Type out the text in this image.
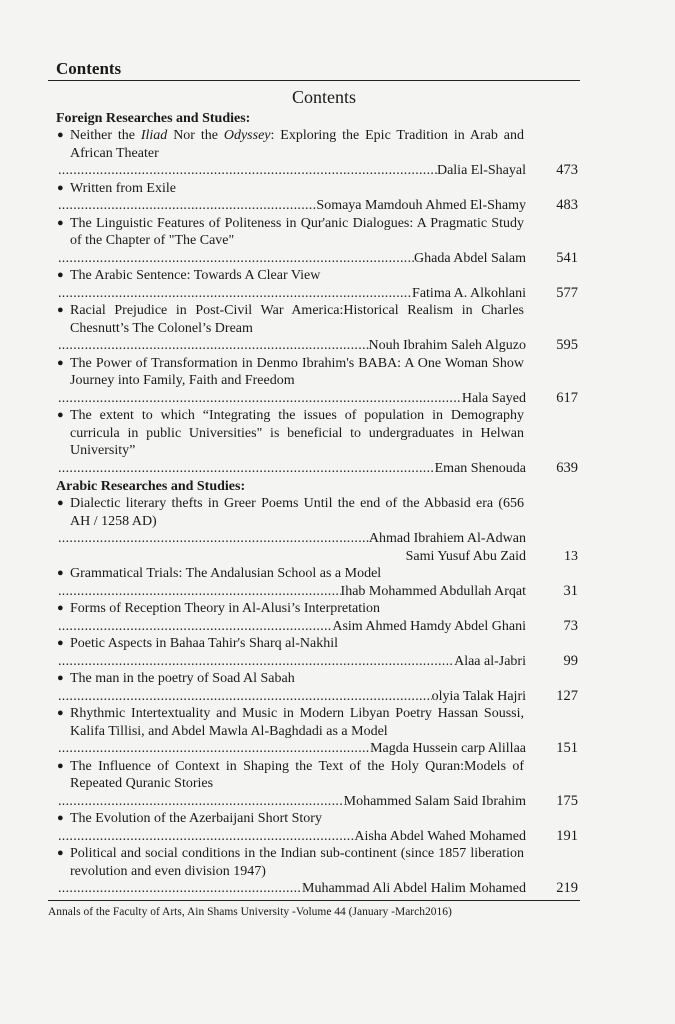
Contents
Contents
Foreign Researches and Studies:
● Neither the Iliad Nor the Odyssey: Exploring the Epic Tradition in Arab and African Theater
.....
Dalia El-Shayal	473
● Written from Exile
.....
Somaya Mamdouh Ahmed El-Shamy	483
● The Linguistic Features of Politeness in Qur'anic Dialogues: A Pragmatic Study of the Chapter of "The Cave"
.....
Ghada Abdel Salam	541
● The Arabic Sentence: Towards A Clear View
.....
Fatima A. Alkohlani	577
● Racial Prejudice in Post-Civil War America:Historical Realism in Charles Chesnutt’s The Colonel’s Dream
.....
Nouh Ibrahim Saleh Alguzo	595
● The Power of Transformation in Denmo Ibrahim's BABA: A One Woman Show Journey into Family, Faith and Freedom
.....
Hala Sayed	617
● The extent to which “Integrating the issues of population in Demography curricula in public Universities" is beneficial to undergraduates in Helwan University”
.....
Eman Shenouda	639
Arabic Researches and Studies:
● Dialectic literary thefts in Greer Poems Until the end of the Abbasid era (656 AH / 1258 AD)
.....
Ahmad Ibrahiem Al-Adwan
Sami Yusuf Abu Zaid	13
● Grammatical Trials: The Andalusian School as a Model
.....
Ihab Mohammed Abdullah Arqat	31
● Forms of Reception Theory in Al-Alusi’s Interpretation
.....
Asim Ahmed Hamdy Abdel Ghani	73
● Poetic Aspects in Bahaa Tahir's Sharq al-Nakhil
.....
Alaa al-Jabri	99
● The man in the poetry of Soad Al Sabah
.....
olyia Talak Hajri	127
● Rhythmic Intertextuality and Music in Modern Libyan Poetry Hassan Soussi, Kalifa Tillisi, and Abdel Mawla Al-Baghdadi as a Model
.....
Magda Hussein carp Alillaa	151
● The Influence of Context in Shaping the Text of the Holy Quran:Models of Repeated Quranic Stories
.....
Mohammed Salam Said Ibrahim	175
● The Evolution of the Azerbaijani Short Story
.....
Aisha Abdel Wahed Mohamed	191
● Political and social conditions in the Indian sub-continent (since 1857 liberation revolution and even division 1947)
.....
Muhammad Ali Abdel Halim Mohamed	219
Annals of the Faculty of Arts, Ain Shams University -Volume 44 (January -March2016)
